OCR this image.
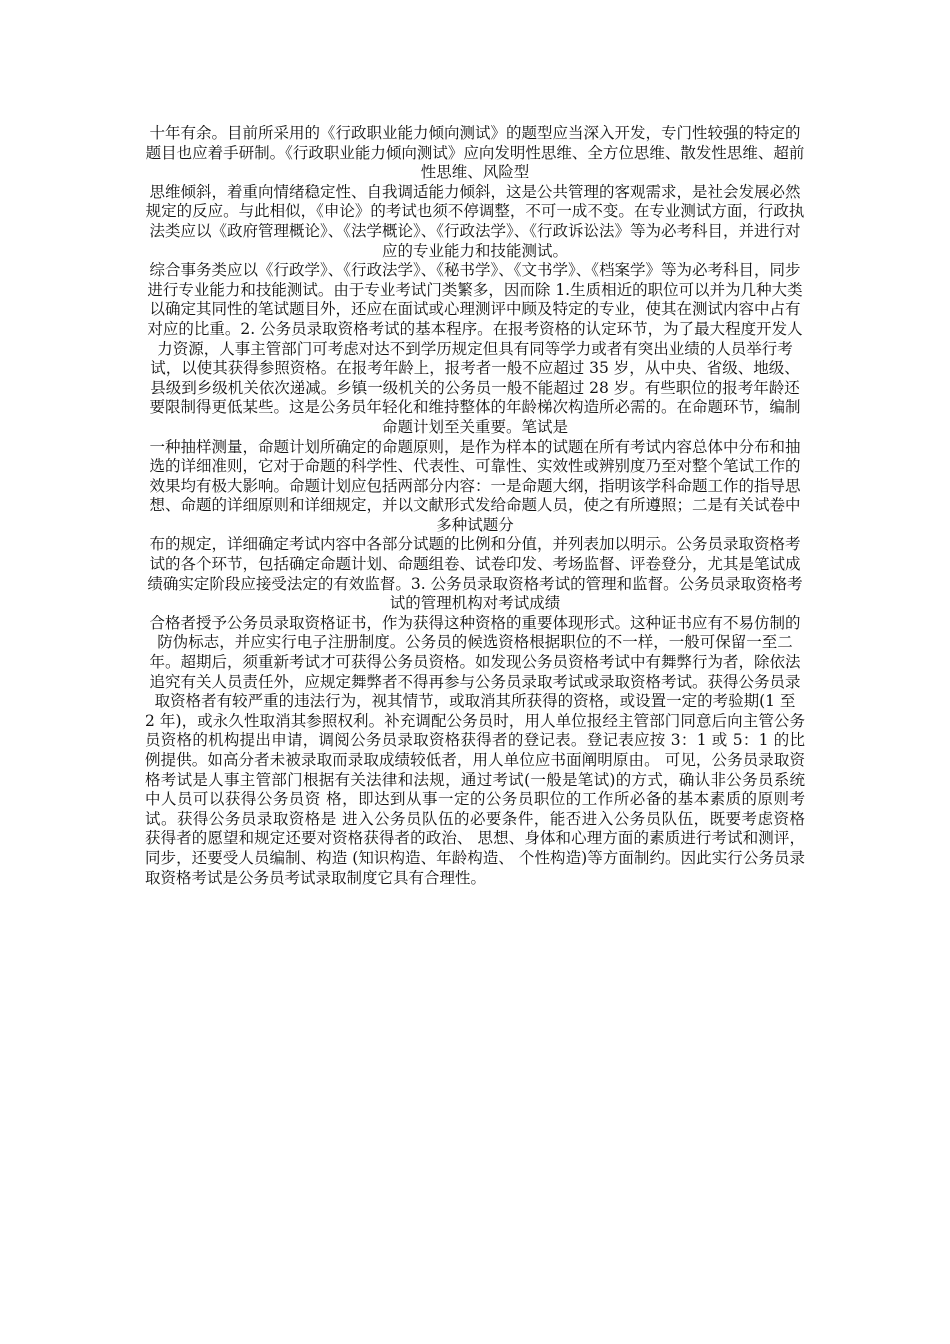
十年有余。目前所采用的《行政职业能力倾向测试》的题型应当深入开发，专门性较强的特定的题目也应着手研制。《行政职业能力倾向测试》应向发明性思维、全方位思维、散发性思维、超前性思维、风险型

思维倾斜，着重向情绪稳定性、自我调适能力倾斜，这是公共管理的客观需求，是社会发展必然规定的反应。与此相似，《申论》的考试也须不停调整，不可一成不变。在专业测试方面，行政执法类应以《政府管理概论》、《法学概论》、《行政法学》、《行政诉讼法》等为必考科目，并进行对应的专业能力和技能测试。

综合事务类应以《行政学》、《行政法学》、《秘书学》、《文书学》、《档案学》等为必考科目，同步进行专业能力和技能测试。由于专业考试门类繁多，因而除 1.生质相近的职位可以并为几种大类以确定其同性的笔试题目外，还应在面试或心理测评中顾及特定的专业，使其在测试内容中占有对应的比重。2. 公务员录取资格考试的基本程序。在报考资格的认定环节，为了最大程度开发人力资源，人事主管部门可考虑对达不到学历规定但具有同等学力或者有突出业绩的人员举行考试，以使其获得参照资格。在报考年龄上，报考者一般不应超过 35 岁，从中央、省级、地级、县级到乡级机关依次递减。乡镇一级机关的公务员一般不能超过 28 岁。有些职位的报考年龄还要限制得更低某些。这是公务员年轻化和维持整体的年龄梯次构造所必需的。在命题环节，编制命题计划至关重要。笔试是

一种抽样测量，命题计划所确定的命题原则，是作为样本的试题在所有考试内容总体中分布和抽选的详细准则，它对于命题的科学性、代表性、可靠性、实效性或辨别度乃至对整个笔试工作的效果均有极大影响。命题计划应包括两部分内容：一是命题大纲，指明该学科命题工作的指导思想、命题的详细原则和详细规定，并以文献形式发给命题人员，使之有所遵照；二是有关试卷中多种试题分

布的规定，详细确定考试内容中各部分试题的比例和分值，并列表加以明示。公务员录取资格考试的各个环节，包括确定命题计划、命题组卷、试卷印发、考场监督、评卷登分，尤其是笔试成绩确实定阶段应接受法定的有效监督。3. 公务员录取资格考试的管理和监督。公务员录取资格考试的管理机构对考试成绩

合格者授予公务员录取资格证书，作为获得这种资格的重要体现形式。这种证书应有不易仿制的防伪标志，并应实行电子注册制度。公务员的候选资格根据职位的不一样，一般可保留一至二年。超期后，须重新考试才可获得公务员资格。如发现公务员资格考试中有舞弊行为者，除依法追究有关人员责任外，应规定舞弊者不得再参与公务员录取考试或录取资格考试。获得公务员录取资格者有较严重的违法行为，视其情节，或取消其所获得的资格，或设置一定的考验期(1 至

2 年)，或永久性取消其参照权利。补充调配公务员时，用人单位报经主管部门同意后向主管公务员资格的机构提出申请，调阅公务员录取资格获得者的登记表。登记表应按 3：1 或 5：1 的比例提供。如高分者未被录取而录取成绩较低者，用人单位应书面阐明原由。 可见，公务员录取资格考试是人事主管部门根据有关法律和法规，通过考试(一般是笔试)的方式，确认非公务员系统中人员可以获得公务员资 格，即达到从事一定的公务员职位的工作所必备的基本素质的原则考试。获得公务员录取资格是 进入公务员队伍的必要条件，能否进入公务员队伍，既要考虑资格 获得者的愿望和规定还要对资格获得者的政治、 思想、身体和心理方面的素质进行考试和测评，同步，还要受人员编制、构造 (知识构造、年龄构造、 个性构造)等方面制约。因此实行公务员录取资格考试是公务员考试录取制度它具有合理性。
